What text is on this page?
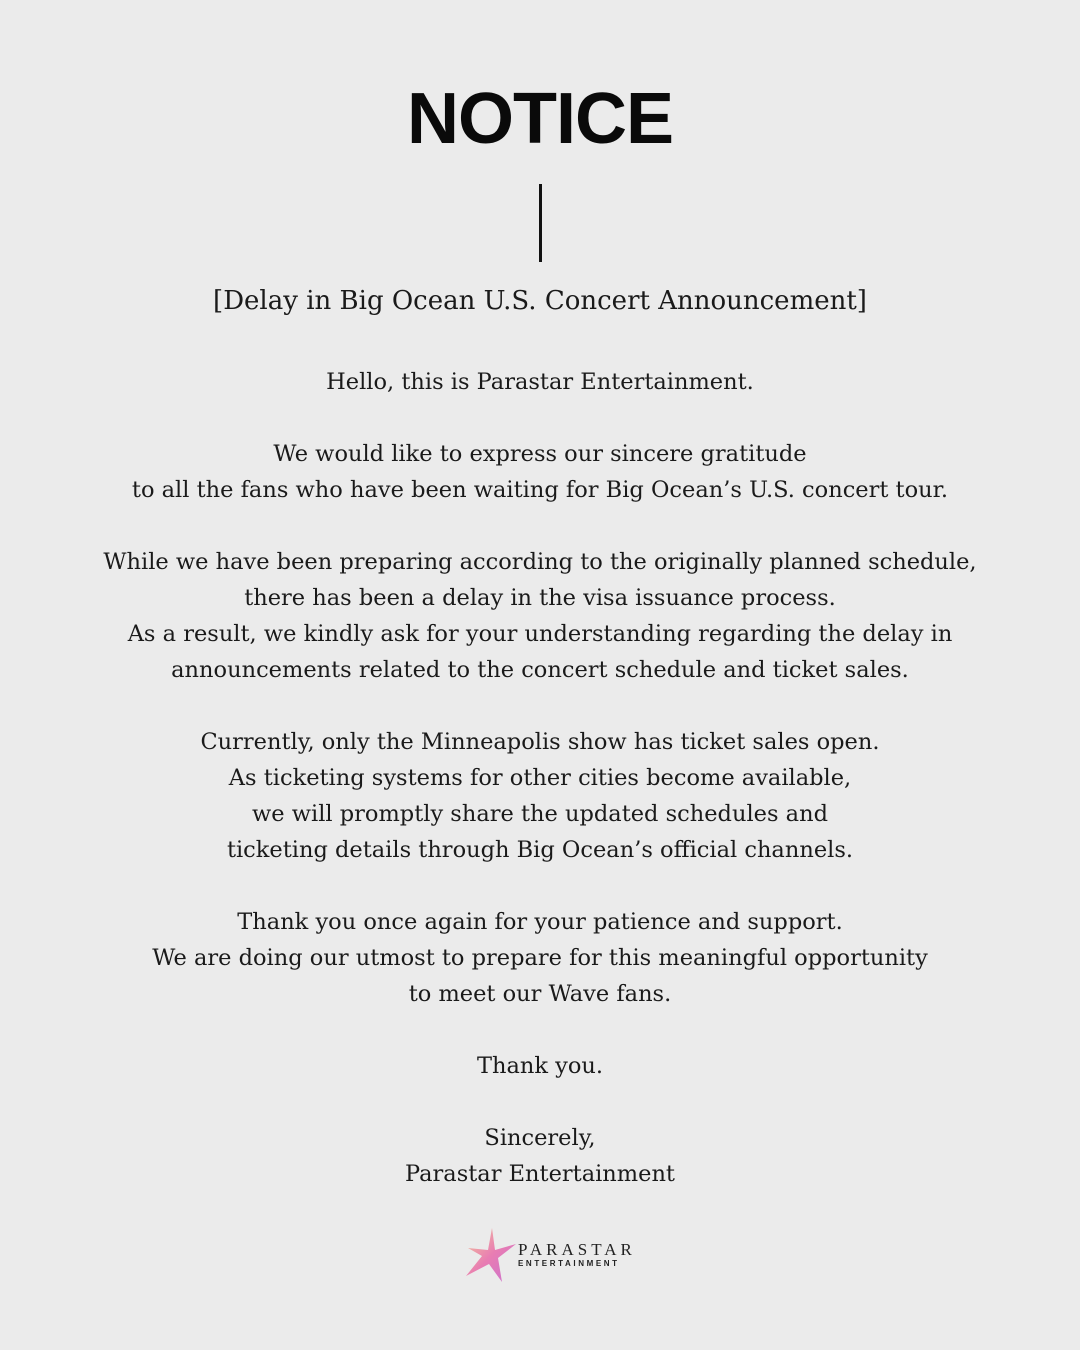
NOTICE
[Delay in Big Ocean U.S. Concert Announcement]
Hello, this is Parastar Entertainment.
We would like to express our sincere gratitude
to all the fans who have been waiting for Big Ocean’s U.S. concert tour.
While we have been preparing according to the originally planned schedule,
there has been a delay in the visa issuance process.
As a result, we kindly ask for your understanding regarding the delay in
announcements related to the concert schedule and ticket sales.
Currently, only the Minneapolis show has ticket sales open.
As ticketing systems for other cities become available,
we will promptly share the updated schedules and
ticketing details through Big Ocean’s official channels.
Thank you once again for your patience and support.
We are doing our utmost to prepare for this meaningful opportunity
to meet our Wave fans.
Thank you.
Sincerely,
Parastar Entertainment
PARASTAR
ENTERTAINMENT
